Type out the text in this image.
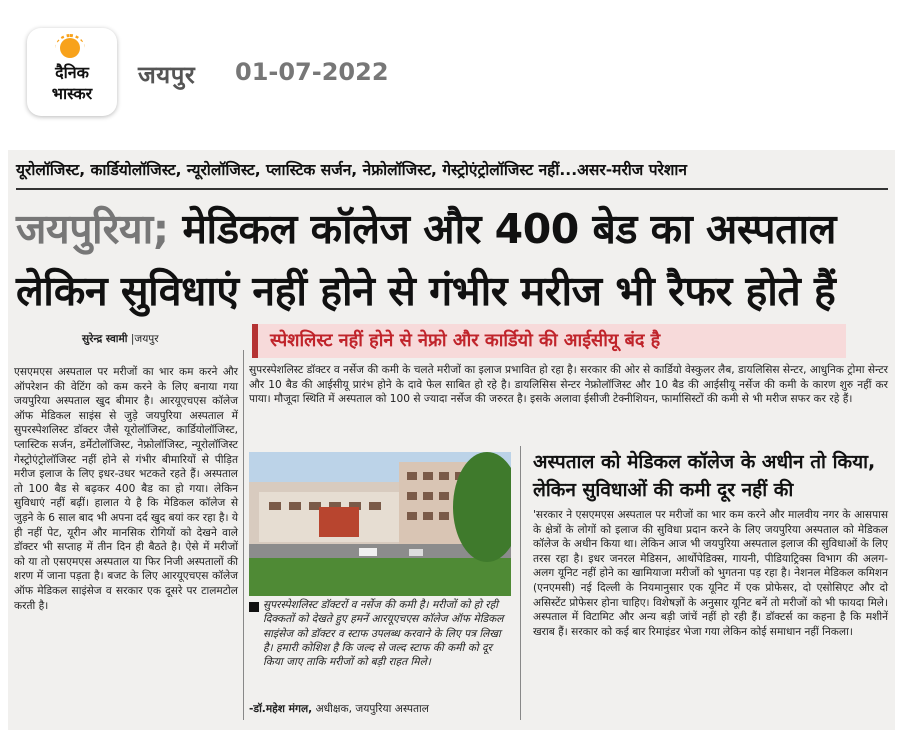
दैनिक
भास्कर
जयपुर 01-07-2022
यूरोलॉजिस्ट, कार्डियोलॉजिस्ट, न्यूरोलॉजिस्ट, प्लास्टिक सर्जन, नेफ्रोलॉजिस्ट, गेस्ट्रोएंट्रोलॉजिस्ट नहीं...असर-मरीज परेशान
जयपुरिया; मेडिकल कॉलेज और 400 बेड का अस्पताल
लेकिन सुविधाएं नहीं होने से गंभीर मरीज भी रैफर होते हैं
सुरेन्द्र स्वामी |जयपुर	स्पेशलिस्ट नहीं होने से नेफ्रो और कार्डियो की आईसीयू बंद है
एसएमएस अस्पताल पर मरीजों का भार कम करने और ऑपरेशन की वेटिंग को कम करने के लिए बनाया गया जयपुरिया अस्पताल खुद बीमार है। आरयूएचएस कॉलेज ऑफ मेडिकल साइंस से जुड़े जयपुरिया अस्पताल में सुपरस्पेशलिस्ट डॉक्टर जैसे यूरोलॉजिस्ट, कार्डियोलॉजिस्ट, प्लास्टिक सर्जन, डर्मेटोलॉजिस्ट, नेफ्रोलॉजिस्ट, न्यूरोलॉजिस्ट गेस्ट्रोएंट्रोलॉजिस्ट नहीं होने से गंभीर बीमारियों से पीड़ित मरीज इलाज के लिए इधर-उधर भटकते रहते हैं। अस्पताल तो 100 बैड से बढ़कर 400 बैड का हो गया। लेकिन सुविधाएं नहीं बढ़ीं। हालात ये है कि मेडिकल कॉलेज से जुड़ने के 6 साल बाद भी अपना दर्द खुद बयां कर रहा है। ये ही नहीं पेट, यूरीन और मानसिक रोगियों को देखने वाले डॉक्टर भी सप्ताह में तीन दिन ही बैठते है। ऐसे में मरीजों को या तो एसएमएस अस्पताल या फिर निजी अस्पतालों की शरण में जाना पड़ता है। बजट के लिए आरयूएचएस कॉलेज ऑफ मेडिकल साइंसेज व सरकार एक दूसरे पर टालमटोल करती है।
सुपरस्पेशलिस्ट डॉक्टर व नर्सेज की कमी के चलते मरीजों का इलाज प्रभावित हो रहा है। सरकार की ओर से कार्डियो वेस्कुलर लैब, डायलिसिस सेन्टर, आधुनिक ट्रोमा सेन्टर और 10 बैड की आईसीयू प्रारंभ होने के दावे फेल साबित हो रहे है। डायलिसिस सेन्टर नेफ्रोलॉजिस्ट और 10 बैड की आईसीयू नर्सेज की कमी के कारण शुरु नहीं कर पाया। मौजूदा स्थिति में अस्पताल को 100 से ज्यादा नर्सेज की जरुरत है। इसके अलावा ईसीजी टेक्नीशियन, फार्मासिस्टों की कमी से भी मरीज सफर कर रहे हैं।
सुपरस्पेशलिस्ट डॉक्टरों व नर्सेज की कमी है। मरीजों को हो रही दिक्कतों को देखते हुए हमनें आरयूएचएस कॉलेज ऑफ मेडिकल साइंसेज को डॉक्टर व स्टाफ उपलब्ध करवाने के लिए पत्र लिखा है। हमारी कोशिश है कि जल्द से जल्द स्टाफ की कमी को दूर किया जाए ताकि मरीजों को बड़ी राहत मिले।
-डॉ.महेश मंगल, अधीक्षक, जयपुरिया अस्पताल
अस्पताल को मेडिकल कॉलेज के अधीन तो किया, लेकिन सुविधाओं की कमी दूर नहीं की
'सरकार ने एसएमएस अस्पताल पर मरीजों का भार कम करने और मालवीय नगर के आसपास के क्षेत्रों के लोगों को इलाज की सुविधा प्रदान करने के लिए जयपुरिया अस्पताल को मेडिकल कॉलेज के अधीन किया था। लेकिन आज भी जयपुरिया अस्पताल इलाज की सुविधाओं के लिए तरस रहा है। इधर जनरल मेडिसन, आर्थोपेडिक्स, गायनी, पीडियाट्रिक्स विभाग की अलग-अलग यूनिट नहीं होने का खामियाजा मरीजों को भुगतना पड़ रहा है। नेशनल मेडिकल कमिशन (एनएमसी) नई दिल्ली के नियमानुसार एक यूनिट में एक प्रोफेसर, दो एसोसिएट और दो असिस्टेंट प्रोफेसर होना चाहिए। विशेषज्ञों के अनुसार यूनिट बनें तो मरीजों को भी फायदा मिले। अस्पताल में विटामिट और अन्य बड़ी जांचें नहीं हो रही हैं। डॉक्टर्स का कहना है कि मशीनें खराब हैं। सरकार को कई बार रिमाइंडर भेजा गया लेकिन कोई समाधान नहीं निकला।
